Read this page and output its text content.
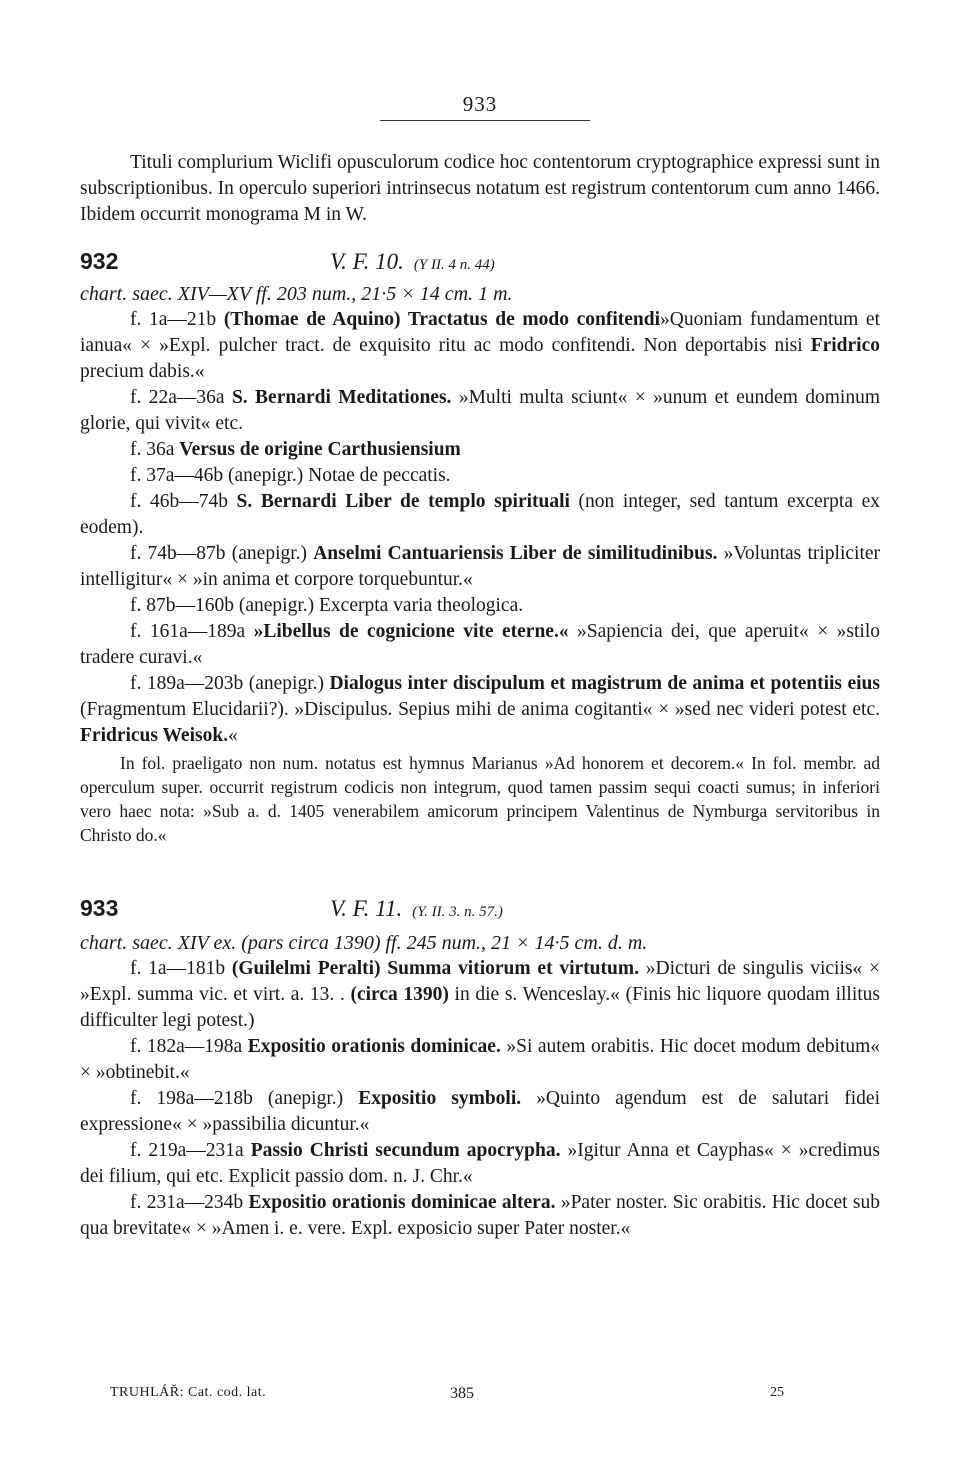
933

Tituli complurium Wiclifi opusculorum codice hoc contentorum cryptographice expressi sunt in subscriptionibus. In operculo superiori intrinsecus notatum est registrum contentorum cum anno 1466. Ibidem occurrit monograma M in W.

932	V. F. 10. (Y II. 4 n. 44)

chart. saec. XIV—XV ff. 203 num., 21·5 × 14 cm. 1 m.

f. 1a—21b (Thomae de Aquino) Tractatus de modo confitendi»Quoniam fundamentum et ianua« × »Expl. pulcher tract. de exquisito ritu ac modo confitendi. Non deportabis nisi Fridrico precium dabis.«

f. 22a—36a S. Bernardi Meditationes. »Multi multa sciunt« × »unum et eundem dominum glorie, qui vivit« etc.

f. 36a Versus de origine Carthusiensium

f. 37a—46b (anepigr.) Notae de peccatis.

f. 46b—74b S. Bernardi Liber de templo spirituali (non integer, sed tantum excerpta ex eodem).

f. 74b—87b (anepigr.) Anselmi Cantuariensis Liber de similitudinibus. »Voluntas tripliciter intelligitur« × »in anima et corpore torquebuntur.«

f. 87b—160b (anepigr.) Excerpta varia theologica.

f. 161a—189a »Libellus de cognicione vite eterne.« »Sapiencia dei, que aperuit« × »stilo tradere curavi.«

f. 189a—203b (anepigr.) Dialogus inter discipulum et magistrum de anima et potentiis eius (Fragmentum Elucidarii?). »Discipulus. Sepius mihi de anima cogitanti« × »sed nec videri potest etc. Fridricus Weisok.«

In fol. praeligato non num. notatus est hymnus Marianus »Ad honorem et decorem.« In fol. membr. ad operculum super. occurrit registrum codicis non integrum, quod tamen passim sequi coacti sumus; in inferiori vero haec nota: »Sub a. d. 1405 venerabilem amicorum principem Valentinus de Nymburga servitoribus in Christo do.«

933	V. F. 11. (Y. II. 3. n. 57.)

chart. saec. XIV ex. (pars circa 1390) ff. 245 num., 21 × 14·5 cm. d. m.

f. 1a—181b (Guilelmi Peralti) Summa vitiorum et virtutum. »Dicturi de singulis viciis« × »Expl. summa vic. et virt. a. 13. . (circa 1390) in die s. Wenceslay.« (Finis hic liquore quodam illitus difficulter legi potest.)

f. 182a—198a Expositio orationis dominicae. »Si autem orabitis. Hic docet modum debitum« × »obtinebit.«

f. 198a—218b (anepigr.) Expositio symboli. »Quinto agendum est de salutari fidei expressione« × »passibilia dicuntur.«

f. 219a—231a Passio Christi secundum apocrypha. »Igitur Anna et Cayphas« × »credimus dei filium, qui etc. Explicit passio dom. n. J. Chr.«

f. 231a—234b Expositio orationis dominicae altera. »Pater noster. Sic orabitis. Hic docet sub qua brevitate« × »Amen i. e. vere. Expl. exposicio super Pater noster.«

TRUHLÁŘ: Cat. cod. lat.	385	25
